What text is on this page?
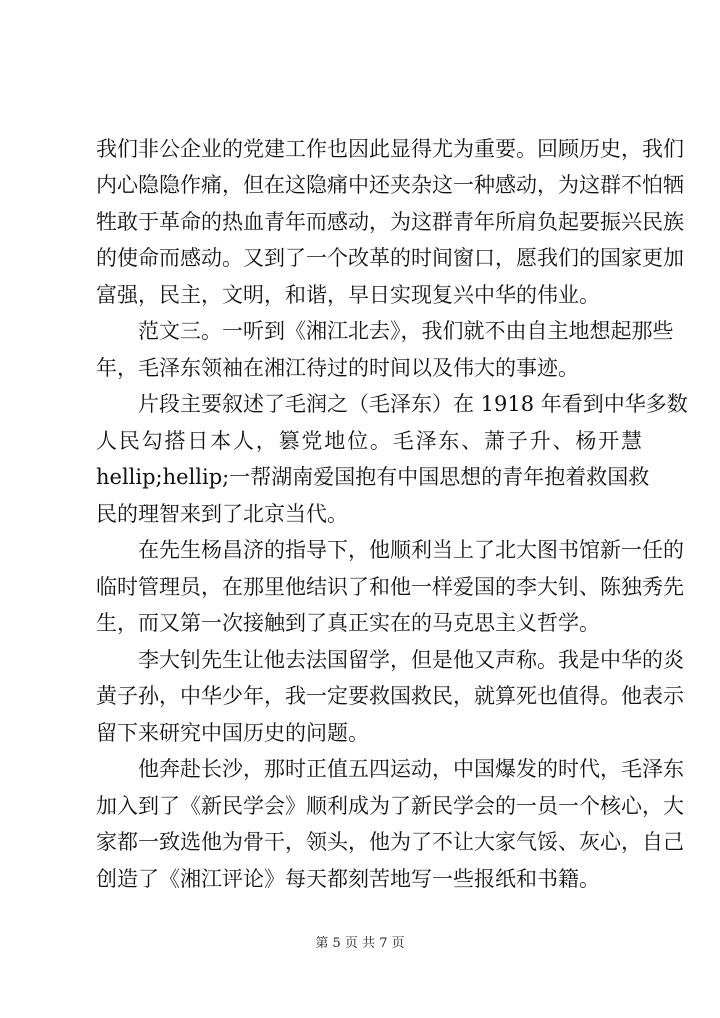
我们非公企业的党建工作也因此显得尤为重要。回顾历史，我们
内心隐隐作痛，但在这隐痛中还夹杂这一种感动，为这群不怕牺
牲敢于革命的热血青年而感动，为这群青年所肩负起要振兴民族
的使命而感动。又到了一个改革的时间窗口，愿我们的国家更加
富强，民主，文明，和谐，早日实现复兴中华的伟业。
范文三。一听到《湘江北去》，我们就不由自主地想起那些
年，毛泽东领袖在湘江待过的时间以及伟大的事迹。
片段主要叙述了毛润之（毛泽东）在 1918 年看到中华多数
人民勾搭日本人，篡党地位。毛泽东、萧子升、杨开慧
hellip;hellip;一帮湖南爱国抱有中国思想的青年抱着救国救
民的理智来到了北京当代。
在先生杨昌济的指导下，他顺利当上了北大图书馆新一任的
临时管理员，在那里他结识了和他一样爱国的李大钊、陈独秀先
生，而又第一次接触到了真正实在的马克思主义哲学。
李大钊先生让他去法国留学，但是他又声称。我是中华的炎
黄子孙，中华少年，我一定要救国救民，就算死也值得。他表示
留下来研究中国历史的问题。
他奔赴长沙，那时正值五四运动，中国爆发的时代，毛泽东
加入到了《新民学会》顺利成为了新民学会的一员一个核心，大
家都一致选他为骨干，领头，他为了不让大家气馁、灰心，自己
创造了《湘江评论》每天都刻苦地写一些报纸和书籍。
第 5 页 共 7 页
